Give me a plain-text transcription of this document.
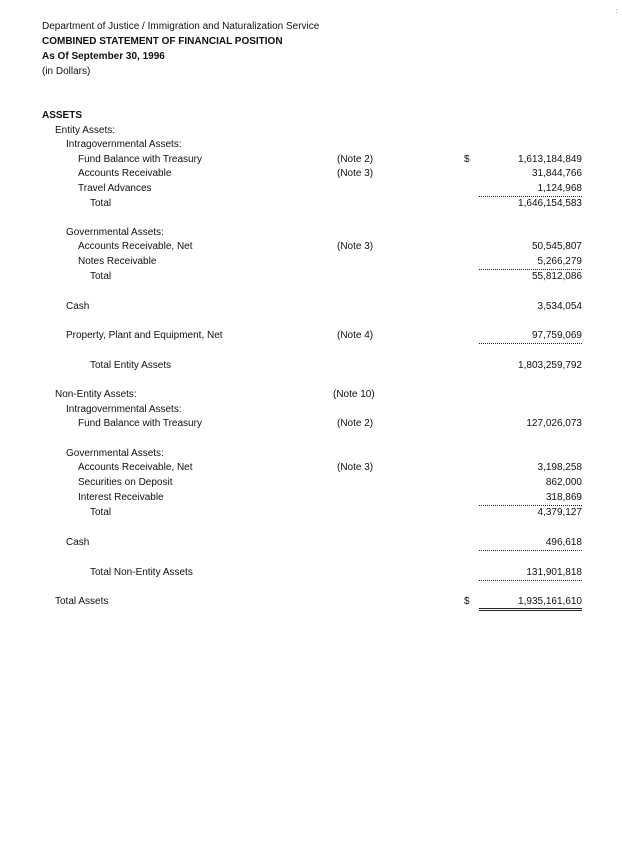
:
Department of Justice / Immigration and Naturalization Service
COMBINED STATEMENT OF FINANCIAL POSITION
As Of September 30, 1996
(in Dollars)
ASSETS
Entity Assets:
Intragovernmental Assets:
Fund Balance with Treasury	(Note 2)	$	1,613,184,849
Accounts Receivable	(Note 3)	31,844,766
Travel Advances	1,124,968
Total	1,646,154,583
Governmental Assets:
Accounts Receivable, Net	(Note 3)	50,545,807
Notes Receivable	5,266,279
Total	55,812,086
Cash	3,534,054
Property, Plant and Equipment, Net	(Note 4)	97,759,069
Total Entity Assets	1,803,259,792
Non-Entity Assets:	(Note 10)
Intragovernmental Assets:
Fund Balance with Treasury	(Note 2)	127,026,073
Governmental Assets:
Accounts Receivable, Net	(Note 3)	3,198,258
Securities on Deposit	862,000
Interest Receivable	318,869
Total	4,379,127
Cash	496,618
Total Non-Entity Assets	131,901,818
Total Assets	$	1,935,161,610
